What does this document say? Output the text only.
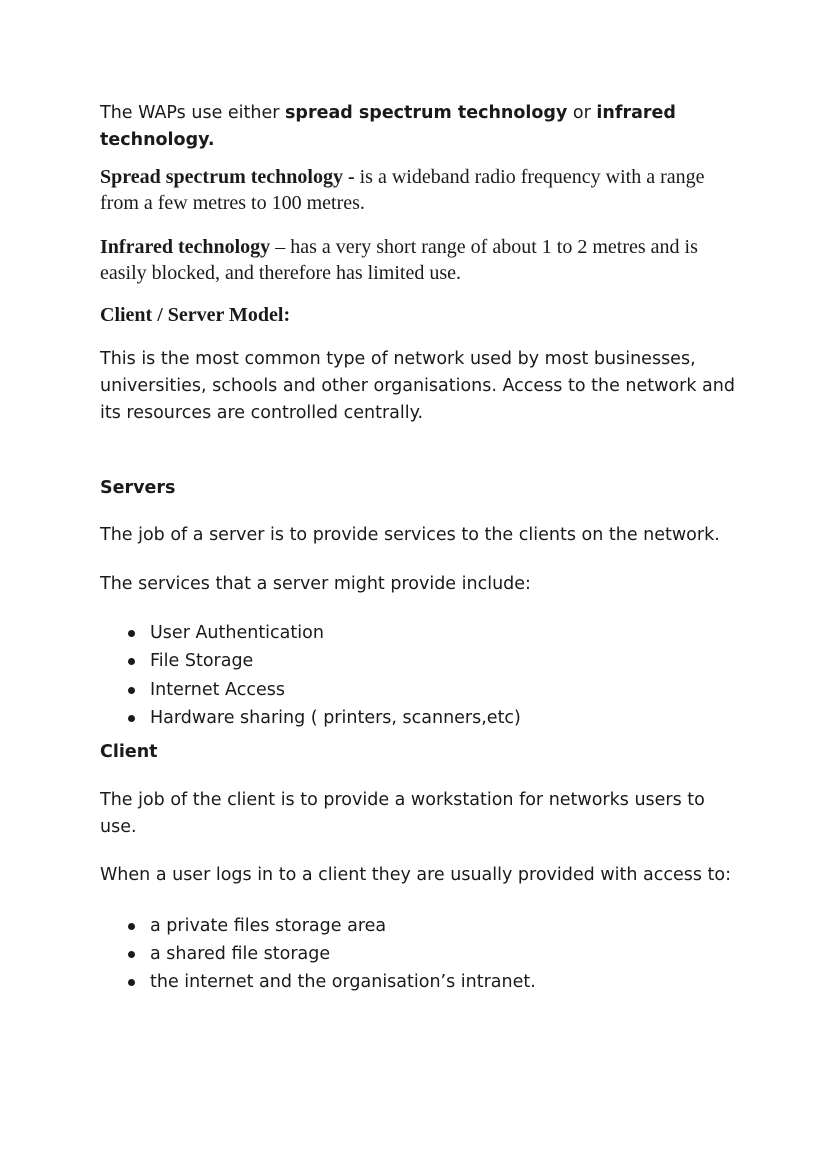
The WAPs use either spread spectrum technology or infrared technology.

Spread spectrum technology - is a wideband radio frequency with a range from a few metres to 100 metres.

Infrared technology – has a very short range of about 1 to 2 metres and is easily blocked, and therefore has limited use.

Client / Server Model:

This is the most common type of network used by most businesses, universities, schools and other organisations. Access to the network and its resources are controlled centrally.

Servers

The job of a server is to provide services to the clients on the network.

The services that a server might provide include:

User Authentication
File Storage
Internet Access
Hardware sharing ( printers, scanners,etc)

Client

The job of the client is to provide a workstation for networks users to use.

When a user logs in to a client they are usually provided with access to:

a private files storage area
a shared file storage
the internet and the organisation’s intranet.
